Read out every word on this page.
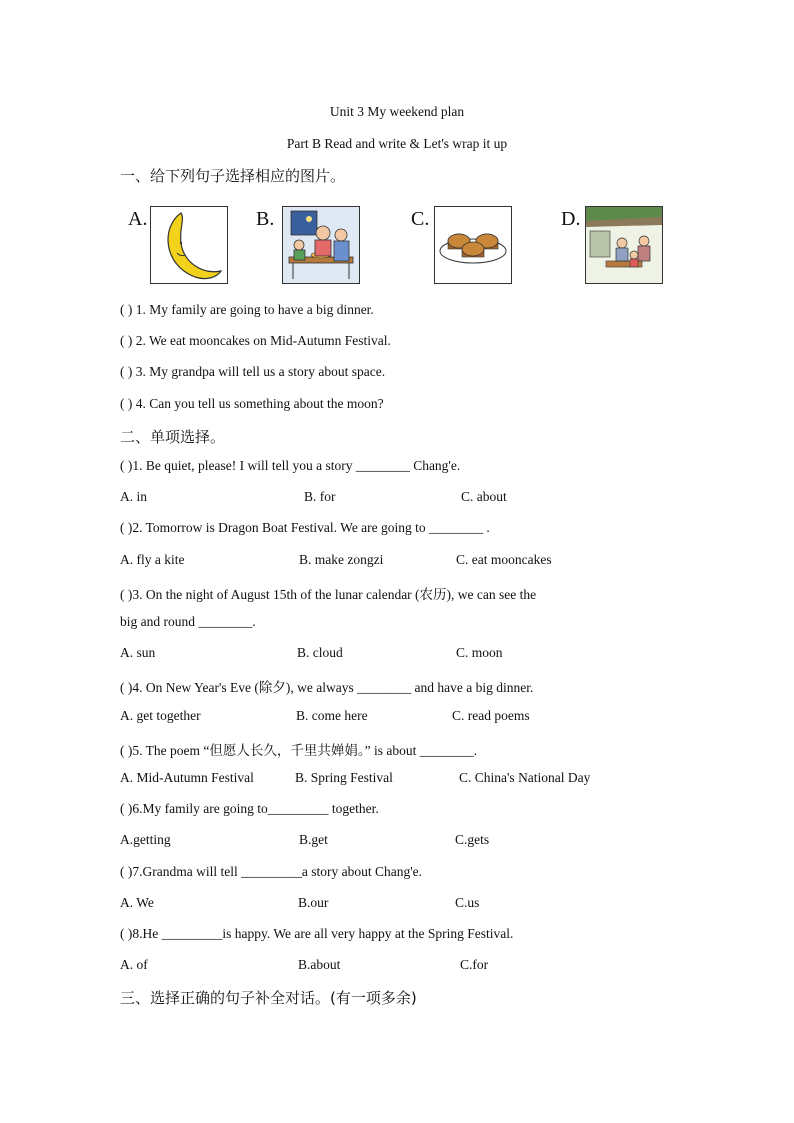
Unit 3 My weekend plan
Part B Read and write & Let's wrap it up
一、给下列句子选择相应的图片。
A.	B.	C.	D.
( ) 1. My family are going to have a big dinner.
( ) 2. We eat mooncakes on Mid-Autumn Festival.
( ) 3. My grandpa will tell us a story about space.
( ) 4. Can you tell us something about the moon?
二、单项选择。
( )1. Be quiet, please! I will tell you a story ________ Chang'e.
A. in	B. for	C. about
( )2. Tomorrow is Dragon Boat Festival. We are going to ________ .
A. fly a kite	B. make zongzi	C. eat mooncakes
( )3. On the night of August 15th of the lunar calendar (农历), we can see the
big and round ________.
A. sun	B. cloud	C. moon
( )4. On New Year's Eve (除夕), we always ________ and have a big dinner.
A. get together	B. come here	C. read poems
( )5. The poem “但愿人长久，千里共婵娟。” is about ________.
A. Mid-Autumn Festival	B. Spring Festival	C. China's National Day
( )6.My family are going to_________ together.
A.getting	B.get	C.gets
( )7.Grandma will tell _________a story about Chang'e.
A. We	B.our	C.us
( )8.He _________is happy. We are all very happy at the Spring Festival.
A. of	B.about	C.for
三、选择正确的句子补全对话。(有一项多余)
